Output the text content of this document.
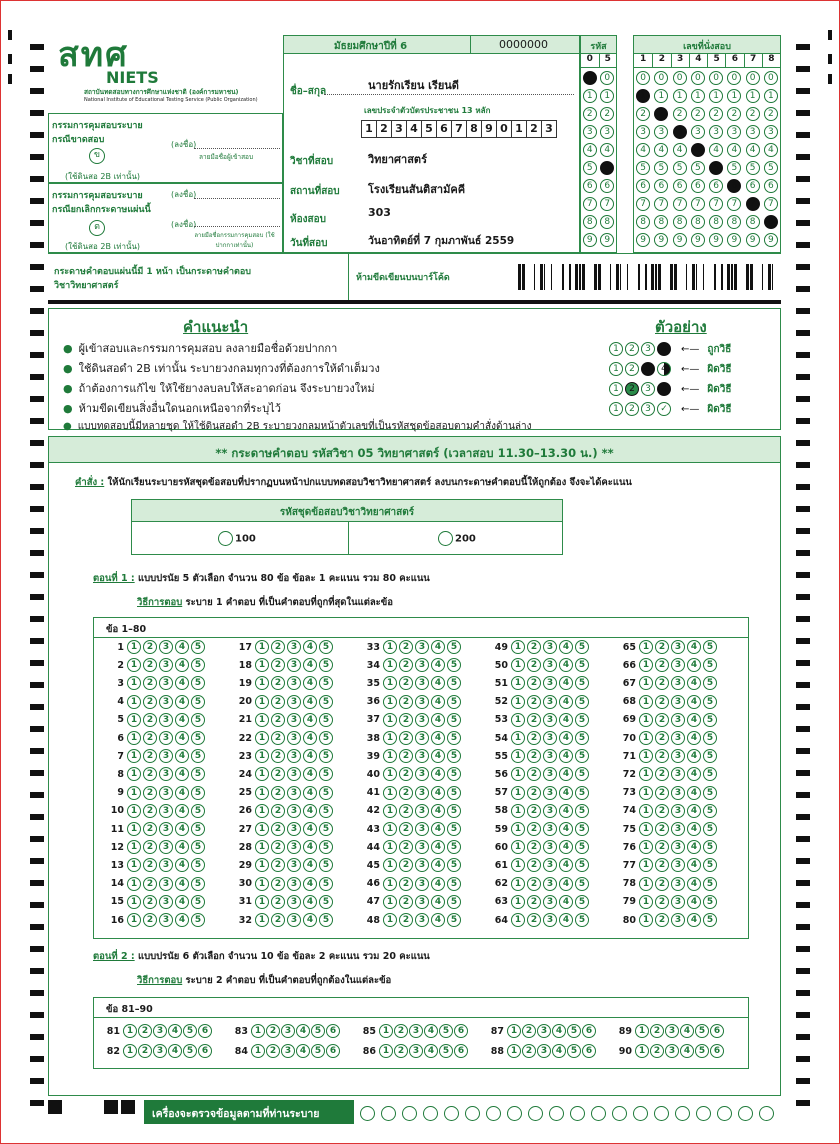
สทศ
NIETS
สถาบันทดสอบทางการศึกษาแห่งชาติ (องค์การมหาชน)
National Institute of Educational Testing Service (Public Organization)
กรรมการคุมสอบระบาย กรณีขาดสอบ
ข
(ใช้ดินสอ 2B เท่านั้น)
(ลงชื่อ)
ลายมือชื่อผู้เข้าสอบ
กรรมการคุมสอบระบาย กรณียกเลิกกระดาษแผ่นนี้
ต
(ใช้ดินสอ 2B เท่านั้น)
(ลงชื่อ)
(ลงชื่อ)
ลายมือชื่อกรรมการคุมสอบ (ใช้ปากกาเท่านั้น)
มัธยมศึกษาปีที่ 6	0000000
ชื่อ–สกุล	นายรักเรียน เรียนดี
เลขประจำตัวบัตรประชาชน 13 หลัก
1 2 3 4 5 6 7 8 9 0 1 2 3
วิชาที่สอบ	วิทยาศาสตร์
สถานที่สอบ	โรงเรียนสันติสามัคคี
ห้องสอบ
303
วันที่สอบ	วันอาทิตย์ที่ 7 กุมภาพันธ์ 2559
รหัส
0	5
0	0
1	1
2	2
3	3
4	4
5	5
6	6
7	7
8	8
9	9
เลขที่นั่งสอบ
1	2	3	4	5	6	7	8
0	0	0	0	0	0	0	0
1	1	1	1	1	1	1	1
2	2	2	2	2	2	2	2
3	3	3	3	3	3	3	3
4	4	4	4	4	4	4	4
5	5	5	5	5	5	5	5
6	6	6	6	6	6	6	6
7	7	7	7	7	7	7	7
8	8	8	8	8	8	8	8
9	9	9	9	9	9	9	9
กระดาษคำตอบแผ่นนี้มี 1 หน้า เป็นกระดาษคำตอบวิชาวิทยาศาสตร์
ห้ามขีดเขียนบนบาร์โค้ด
คำแนะนำ	ตัวอย่าง
● ผู้เข้าสอบและกรรมการคุมสอบ ลงลายมือชื่อด้วยปากกา
● ใช้ดินสอดำ 2B เท่านั้น ระบายวงกลมทุกวงที่ต้องการให้ดำเต็มวง
● ถ้าต้องการแก้ไข ให้ใช้ยางลบลบให้สะอาดก่อน จึงระบายวงใหม่
● ห้ามขีดเขียนสิ่งอื่นใดนอกเหนือจากที่ระบุไว้
● แบบทดสอบนี้มีหลายชุด ให้ใช้ดินสอดำ 2B ระบายวงกลมหน้าตัวเลขที่เป็นรหัสชุดข้อสอบตามคำสั่งด้านล่าง
1	2	3	4	←— ถูกวิธี
1	2	3	4	←— ผิดวิธี
1	2	3	4	←— ผิดวิธี
1	2	3	✓	←— ผิดวิธี
** กระดาษคำตอบ รหัสวิชา 05 วิทยาศาสตร์ (เวลาสอบ 11.30–13.30 น.) **
คำสั่ง : ให้นักเรียนระบายรหัสชุดข้อสอบที่ปรากฏบนหน้าปกแบบทดสอบวิชาวิทยาศาสตร์ ลงบนกระดาษคำตอบนี้ให้ถูกต้อง จึงจะได้คะแนน
รหัสชุดข้อสอบวิชาวิทยาศาสตร์
100	200
ตอนที่ 1 : แบบปรนัย 5 ตัวเลือก จำนวน 80 ข้อ ข้อละ 1 คะแนน รวม 80 คะแนน
วิธีการตอบ ระบาย 1 คำตอบ ที่เป็นคำตอบที่ถูกที่สุดในแต่ละข้อ
ข้อ 1–80
1 1 2 3 4 5
2 1 2 3 4 5
3 1 2 3 4 5
4 1 2 3 4 5
5 1 2 3 4 5
6 1 2 3 4 5
7 1 2 3 4 5
8 1 2 3 4 5
9 1 2 3 4 5
10 1 2 3 4 5
11 1 2 3 4 5
12 1 2 3 4 5
13 1 2 3 4 5
14 1 2 3 4 5
15 1 2 3 4 5
16 1 2 3 4 5
17 1 2 3 4 5
18 1 2 3 4 5
19 1 2 3 4 5
20 1 2 3 4 5
21 1 2 3 4 5
22 1 2 3 4 5
23 1 2 3 4 5
24 1 2 3 4 5
25 1 2 3 4 5
26 1 2 3 4 5
27 1 2 3 4 5
28 1 2 3 4 5
29 1 2 3 4 5
30 1 2 3 4 5
31 1 2 3 4 5
32 1 2 3 4 5
33 1 2 3 4 5
34 1 2 3 4 5
35 1 2 3 4 5
36 1 2 3 4 5
37 1 2 3 4 5
38 1 2 3 4 5
39 1 2 3 4 5
40 1 2 3 4 5
41 1 2 3 4 5
42 1 2 3 4 5
43 1 2 3 4 5
44 1 2 3 4 5
45 1 2 3 4 5
46 1 2 3 4 5
47 1 2 3 4 5
48 1 2 3 4 5
49 1 2 3 4 5
50 1 2 3 4 5
51 1 2 3 4 5
52 1 2 3 4 5
53 1 2 3 4 5
54 1 2 3 4 5
55 1 2 3 4 5
56 1 2 3 4 5
57 1 2 3 4 5
58 1 2 3 4 5
59 1 2 3 4 5
60 1 2 3 4 5
61 1 2 3 4 5
62 1 2 3 4 5
63 1 2 3 4 5
64 1 2 3 4 5
65 1 2 3 4 5
66 1 2 3 4 5
67 1 2 3 4 5
68 1 2 3 4 5
69 1 2 3 4 5
70 1 2 3 4 5
71 1 2 3 4 5
72 1 2 3 4 5
73 1 2 3 4 5
74 1 2 3 4 5
75 1 2 3 4 5
76 1 2 3 4 5
77 1 2 3 4 5
78 1 2 3 4 5
79 1 2 3 4 5
80 1 2 3 4 5
ตอนที่ 2 : แบบปรนัย 6 ตัวเลือก จำนวน 10 ข้อ ข้อละ 2 คะแนน รวม 20 คะแนน
วิธีการตอบ ระบาย 2 คำตอบ ที่เป็นคำตอบที่ถูกต้องในแต่ละข้อ
ข้อ 81–90
81 1 2 3 4 5 6
82 1 2 3 4 5 6
83 1 2 3 4 5 6
84 1 2 3 4 5 6
85 1 2 3 4 5 6
86 1 2 3 4 5 6
87 1 2 3 4 5 6
88 1 2 3 4 5 6
89 1 2 3 4 5 6
90 1 2 3 4 5 6
เครื่องจะตรวจข้อมูลตามที่ท่านระบาย
